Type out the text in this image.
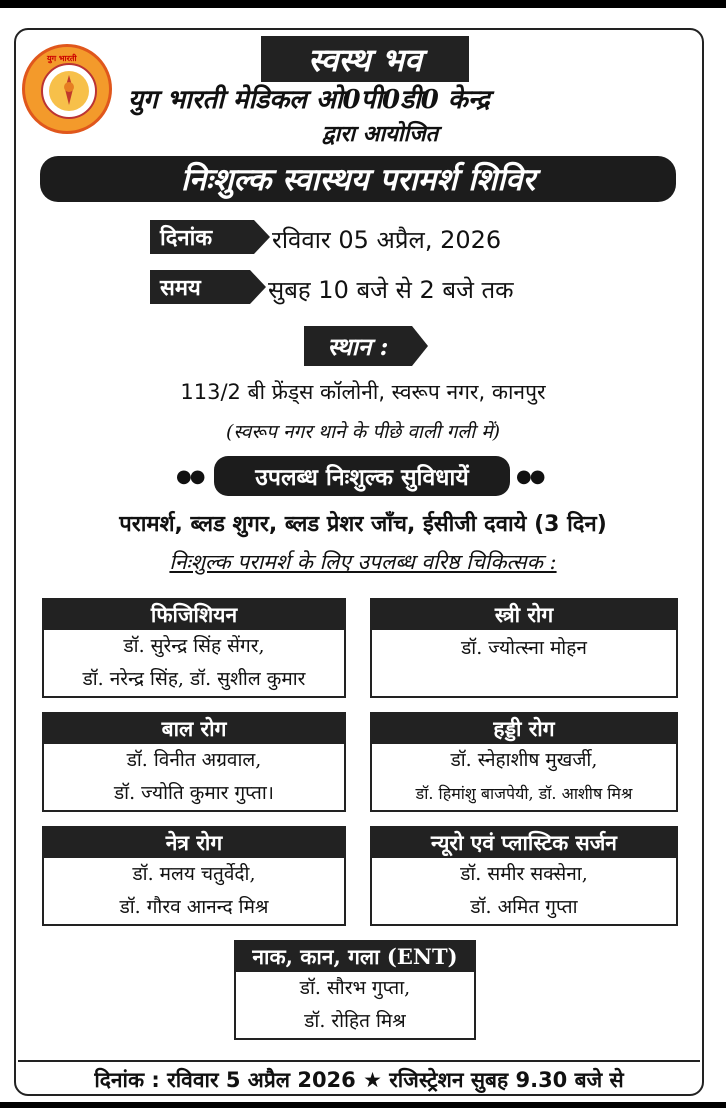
युग भारती	स्वस्थ भव
युग भारती मेडिकल ओ0पी0डी0 केन्द्र
द्वारा आयोजित
निःशुल्क स्वास्थय परामर्श शिविर
दिनांक	रविवार 05 अप्रैल, 2026
समय	सुबह 10 बजे से 2 बजे तक
स्थान :
113/2 बी फ्रेंड्स कॉलोनी, स्वरूप नगर, कानपुर
(स्वरूप नगर थाने के पीछे वाली गली में)
●●	उपलब्ध निःशुल्क सुविधायें	●●
परामर्श, ब्लड शुगर, ब्लड प्रेशर जाँच, ईसीजी दवाये (3 दिन)
निःशुल्क परामर्श के लिए उपलब्ध वरिष्ठ चिकित्सक :
फिजिशियन
डॉ. सुरेन्द्र सिंह सेंगर,
डॉ. नरेन्द्र सिंह, डॉ. सुशील कुमार
स्त्री रोग
डॉ. ज्योत्स्ना मोहन
बाल रोग
डॉ. विनीत अग्रवाल,
डॉ. ज्योति कुमार गुप्ता।
हड्डी रोग
डॉ. स्नेहाशीष मुखर्जी,
डॉ. हिमांशु बाजपेयी, डॉ. आशीष मिश्र
नेत्र रोग
डॉ. मलय चतुर्वेदी,
डॉ. गौरव आनन्द मिश्र
न्यूरो एवं प्लास्टिक सर्जन
डॉ. समीर सक्सेना,
डॉ. अमित गुप्ता
नाक, कान, गला (ENT)
डॉ. सौरभ गुप्ता,
डॉ. रोहित मिश्र
दिनांक : रविवार 5 अप्रैल 2026 ★ रजिस्ट्रेशन सुबह 9.30 बजे से
